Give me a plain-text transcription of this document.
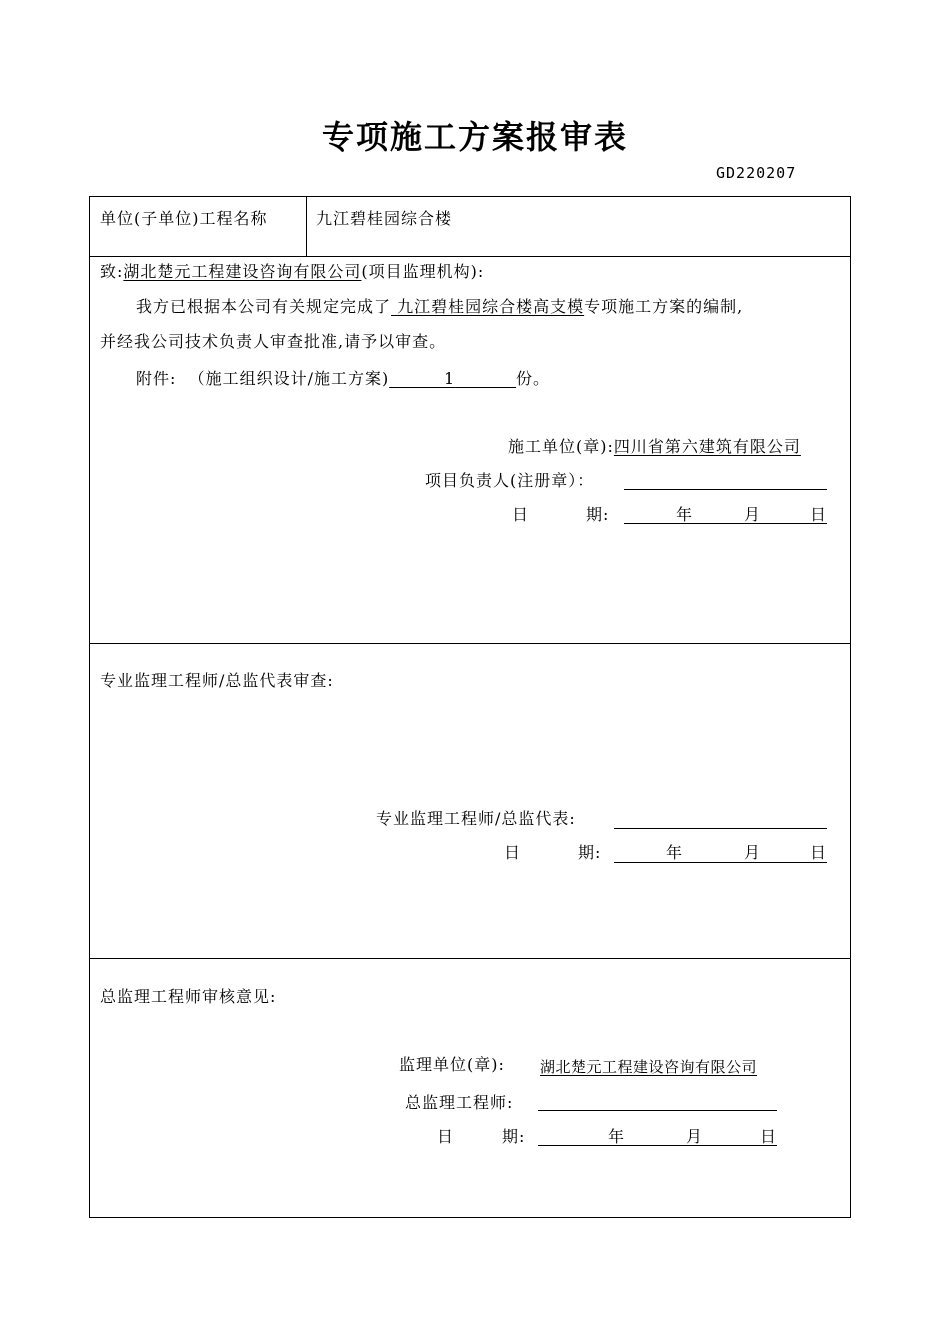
专项施工方案报审表
GD220207
单位(子单位)工程名称	九江碧桂园综合楼
致:湖北楚元工程建设咨询有限公司(项目监理机构):
我方已根据本公司有关规定完成了 九江碧桂园综合楼高支模专项施工方案的编制,
并经我公司技术负责人审查批准,请予以审查。
附件: （施工组织设计/施工方案)	1	份。
施工单位(章):四川省第六建筑有限公司
项目负责人(注册章）：
日	期:	年	月	日
专业监理工程师/总监代表审查:
专业监理工程师/总监代表:
日	期:	年	月	日
总监理工程师审核意见:
监理单位(章): 湖北楚元工程建设咨询有限公司
总监理工程师:
日	期:	年	月	日
